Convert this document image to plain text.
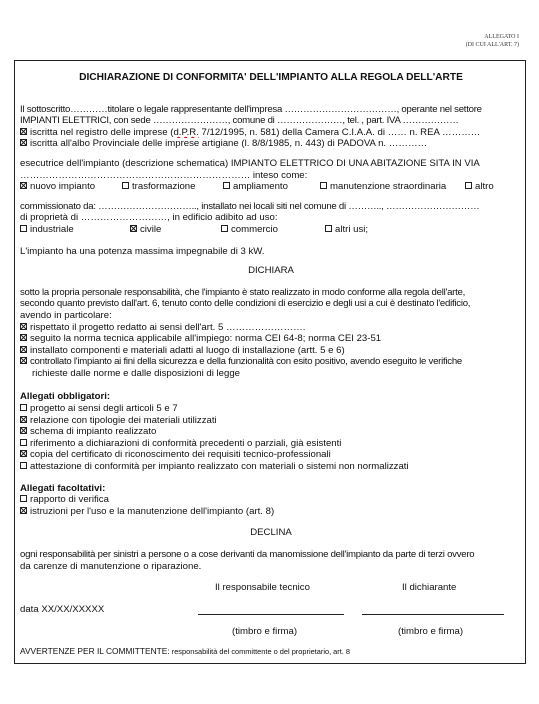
ALLEGATO I
(DI CUI ALL'ART. 7)
DICHIARAZIONE DI CONFORMITA' DELL'IMPIANTO ALLA REGOLA DELL'ARTE
Il sottoscritto…………titolare o legale rappresentante dell'impresa ………………………………, operante nel settore
IMPIANTI ELETTRICI, con sede ……………………, comune di …………………, tel. , part. IVA ………………
iscritta nel registro delle imprese (d.P.R. 7/12/1995, n. 581) della Camera C.I.A.A. di …… n. REA …………
iscritta all'albo Provinciale delle imprese artigiane (l. 8/8/1985, n. 443) di PADOVA n. …………
esecutrice dell'impianto (descrizione schematica) IMPIANTO ELETTRICO DI UNA ABITAZIONE SITA IN VIA
……………………………………………………………… inteso come:
nuovo impianto	trasformazione	ampliamento	manutenzione straordinaria	altro
commissionato da: ………………………….., installato nei locali siti nel comune di ……….., …………………………
di proprietà di ………………………, in edificio adibito ad uso:
industriale	civile	commercio	altri usi;
L'impianto ha una potenza massima impegnabile di 3 kW.
DICHIARA
sotto la propria personale responsabilità, che l'impianto è stato realizzato in modo conforme alla regola dell'arte,
secondo quanto previsto dall'art. 6, tenuto conto delle condizioni di esercizio e degli usi a cui è destinato l'edificio,
avendo in particolare:
rispettato il progetto redatto ai sensi dell'art. 5 …………………….
seguito la norma tecnica applicabile all'impiego: norma CEI 64-8; norma CEI 23-51
installato componenti e materiali adatti al luogo di installazione (artt. 5 e 6)
controllato l'impianto ai fini della sicurezza e della funzionalità con esito positivo, avendo eseguito le verifiche
richieste dalle norme e dalle disposizioni di legge
Allegati obbligatori:
progetto ai sensi degli articoli 5 e 7
relazione con tipologie dei materiali utilizzati
schema di impianto realizzato
riferimento a dichiarazioni di conformità precedenti o parziali, già esistenti
copia del certificato di riconoscimento dei requisiti tecnico-professionali
attestazione di conformità per impianto realizzato con materiali o sistemi non normalizzati
Allegati facoltativi:
rapporto di verifica
istruzioni per l'uso e la manutenzione dell'impianto (art. 8)
DECLINA
ogni responsabilità per sinistri a persone o a cose derivanti da manomissione dell'impianto da parte di terzi ovvero
da carenze di manutenzione o riparazione.
Il responsabile tecnico	Il dichiarante
data XX/XX/XXXXX
(timbro e firma)	(timbro e firma)
AVVERTENZE PER IL COMMITTENTE: responsabilità del committente o del proprietario, art. 8
